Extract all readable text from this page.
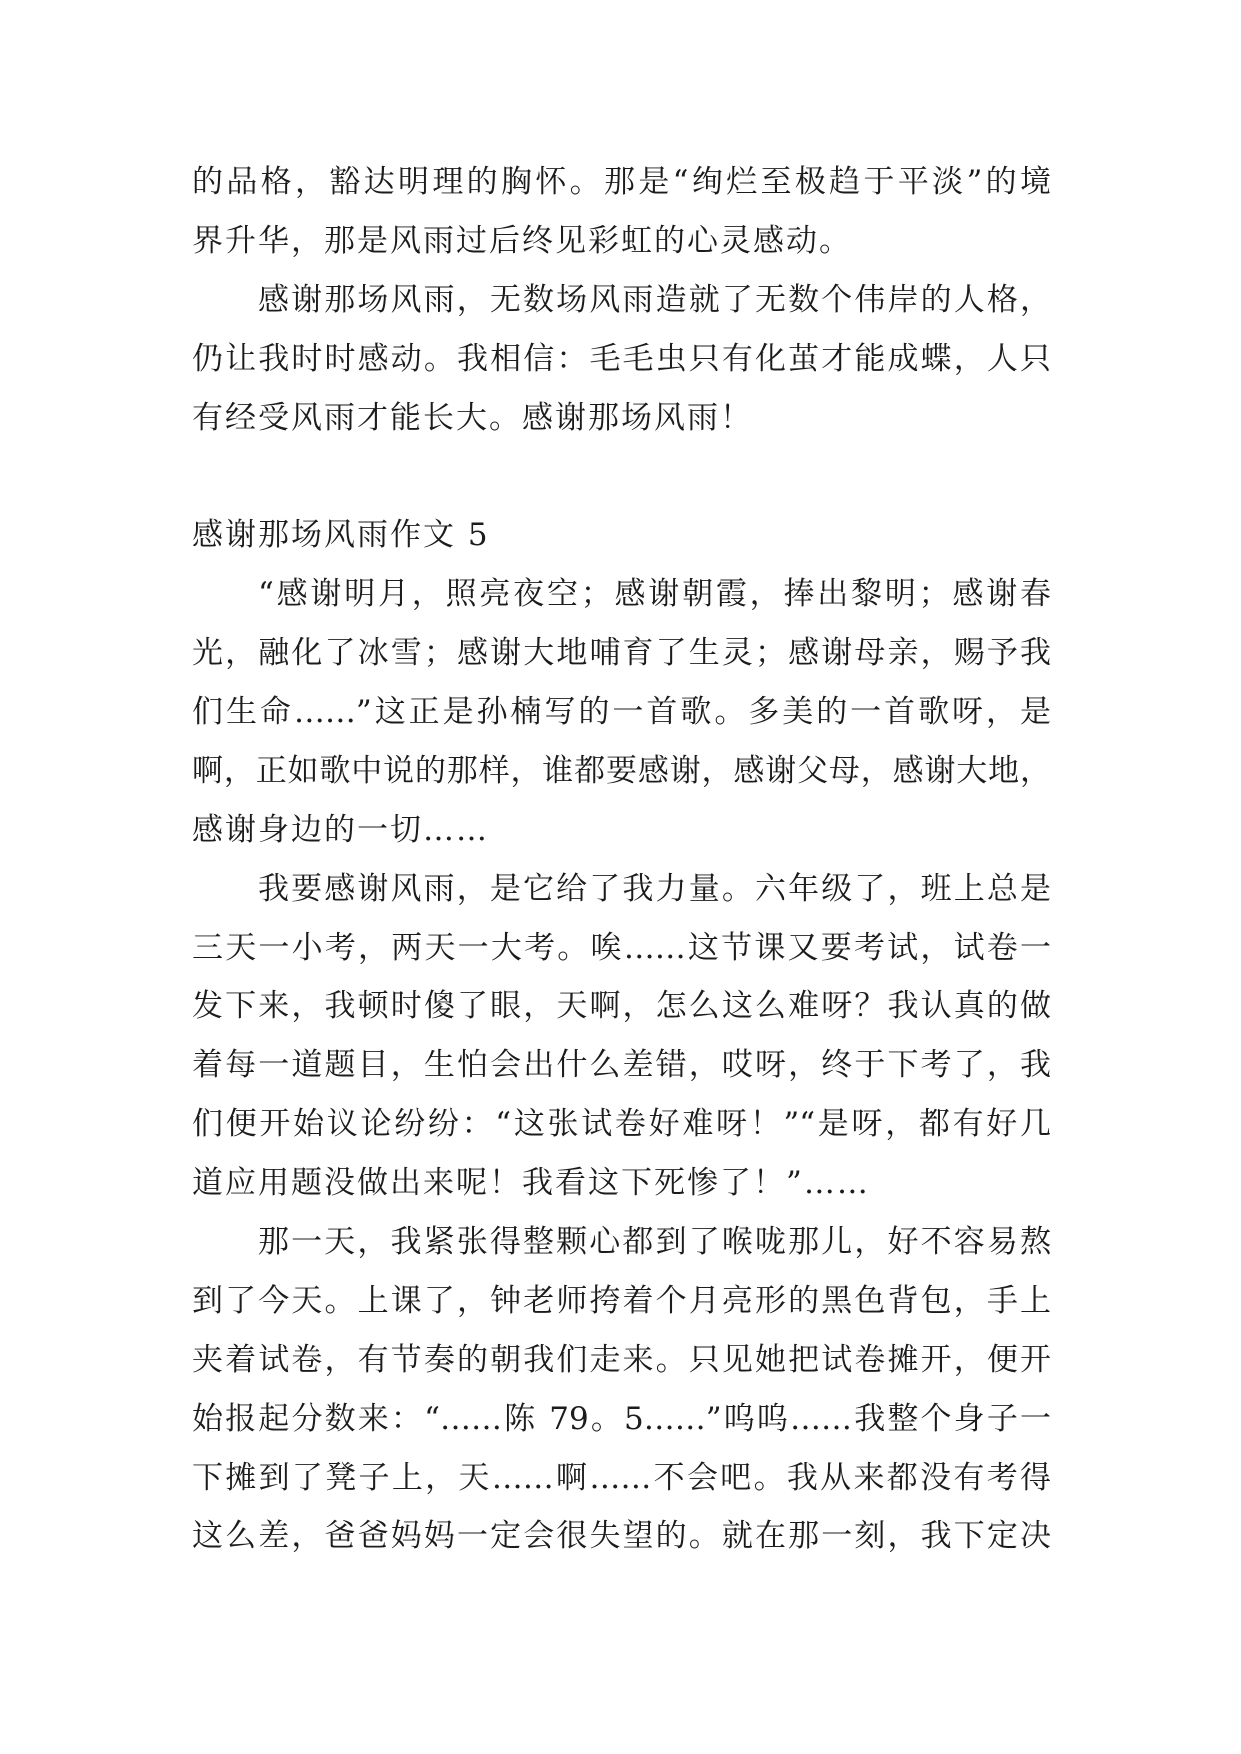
的品格，豁达明理的胸怀。那是“绚烂至极趋于平淡”的境
界升华，那是风雨过后终见彩虹的心灵感动。
感谢那场风雨，无数场风雨造就了无数个伟岸的人格，
仍让我时时感动。我相信：毛毛虫只有化茧才能成蝶，人只
有经受风雨才能长大。感谢那场风雨！
感谢那场风雨作文 5
“感谢明月，照亮夜空；感谢朝霞，捧出黎明；感谢春
光，融化了冰雪；感谢大地哺育了生灵；感谢母亲，赐予我
们生命……”这正是孙楠写的一首歌。多美的一首歌呀，是
啊，正如歌中说的那样，谁都要感谢，感谢父母，感谢大地，
感谢身边的一切……
我要感谢风雨，是它给了我力量。六年级了，班上总是
三天一小考，两天一大考。唉……这节课又要考试，试卷一
发下来，我顿时傻了眼，天啊，怎么这么难呀？我认真的做
着每一道题目，生怕会出什么差错，哎呀，终于下考了，我
们便开始议论纷纷：“这张试卷好难呀！”“是呀，都有好几
道应用题没做出来呢！我看这下死惨了！”……
那一天，我紧张得整颗心都到了喉咙那儿，好不容易熬
到了今天。上课了，钟老师挎着个月亮形的黑色背包，手上
夹着试卷，有节奏的朝我们走来。只见她把试卷摊开，便开
始报起分数来：“……陈 79。5……”呜呜……我整个身子一
下摊到了凳子上，天……啊……不会吧。我从来都没有考得
这么差，爸爸妈妈一定会很失望的。就在那一刻，我下定决
